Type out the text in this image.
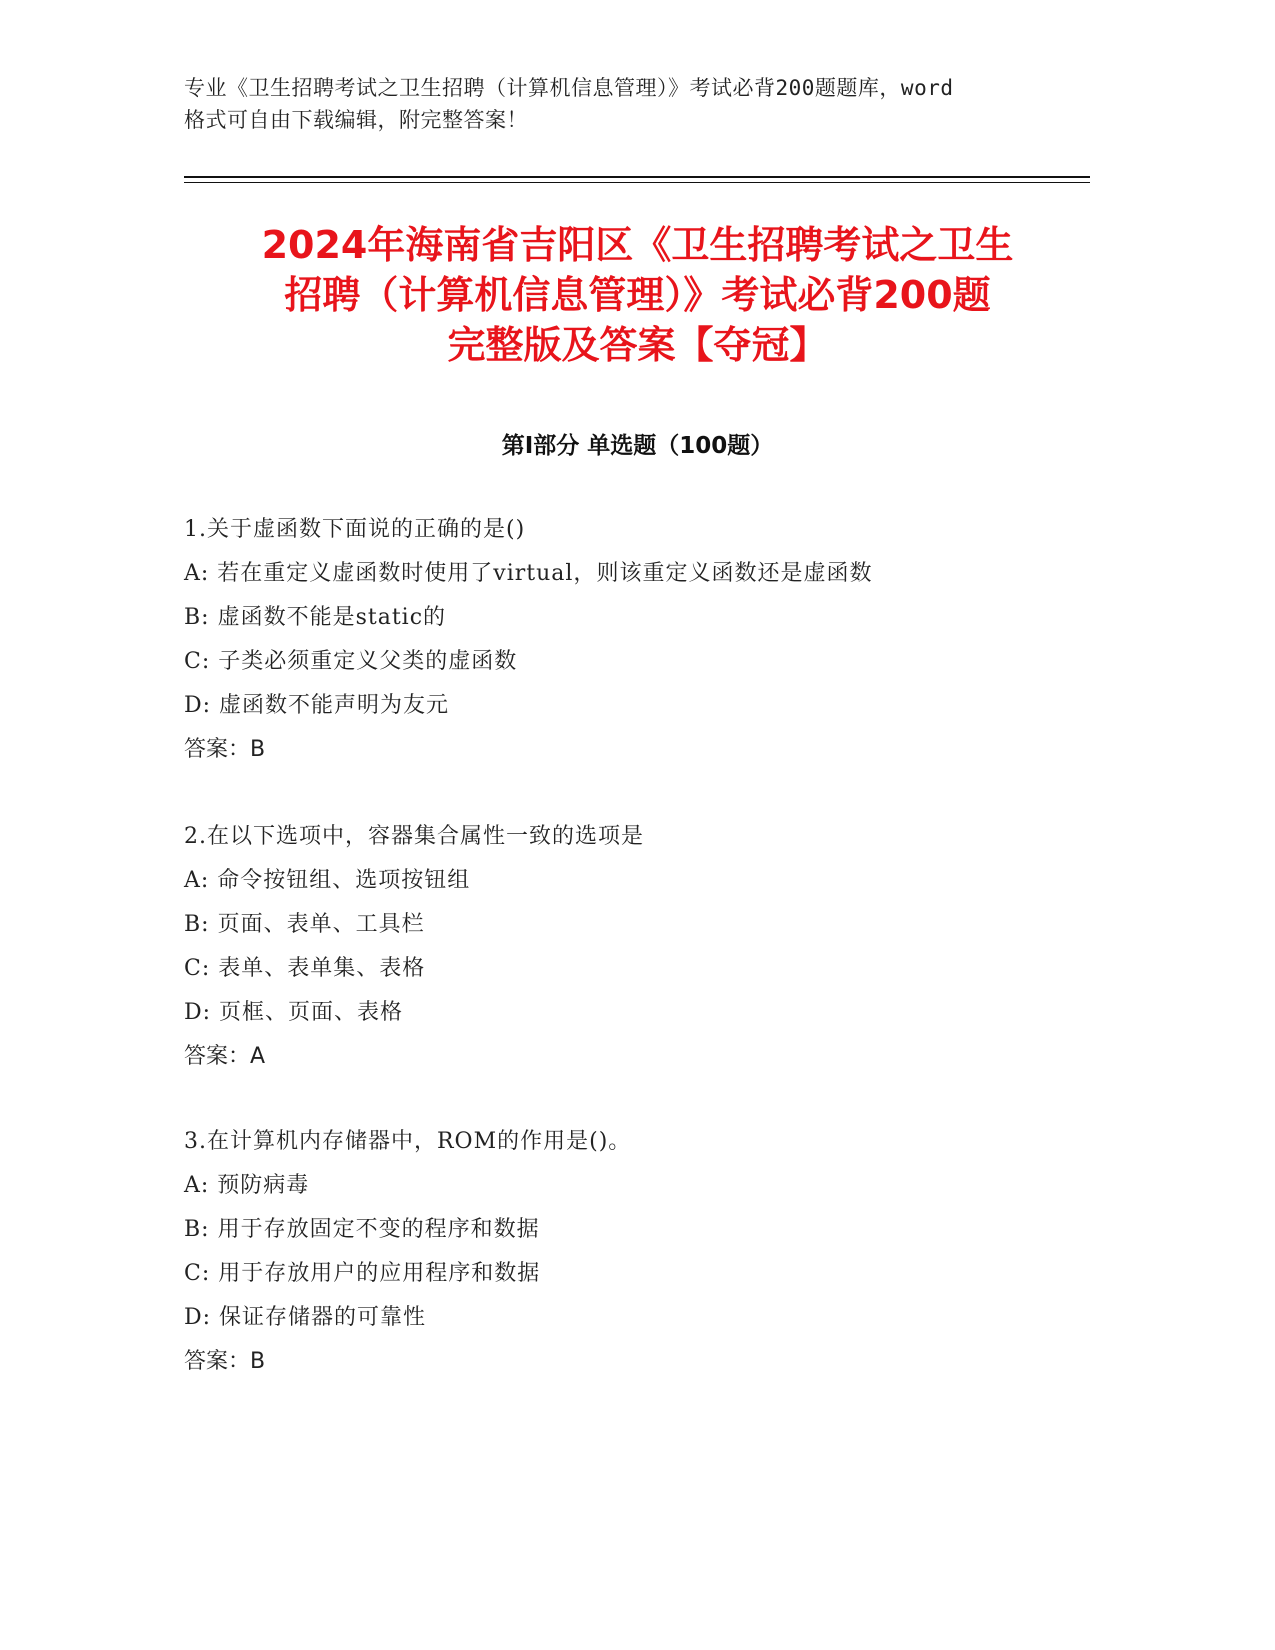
专业《卫生招聘考试之卫生招聘（计算机信息管理）》考试必背200题题库，word
格式可自由下载编辑，附完整答案！
2024年海南省吉阳区《卫生招聘考试之卫生
招聘（计算机信息管理）》考试必背200题
完整版及答案【夺冠】
第Ⅰ部分 单选题（100题）
1.关于虚函数下面说的正确的是()
A: 若在重定义虚函数时使用了virtual，则该重定义函数还是虚函数
B: 虚函数不能是static的
C: 子类必须重定义父类的虚函数
D: 虚函数不能声明为友元
答案：B
2.在以下选项中，容器集合属性一致的选项是
A: 命令按钮组、选项按钮组
B: 页面、表单、工具栏
C: 表单、表单集、表格
D: 页框、页面、表格
答案：A
3.在计算机内存储器中，ROM的作用是()。
A: 预防病毒
B: 用于存放固定不变的程序和数据
C: 用于存放用户的应用程序和数据
D: 保证存储器的可靠性
答案：B
